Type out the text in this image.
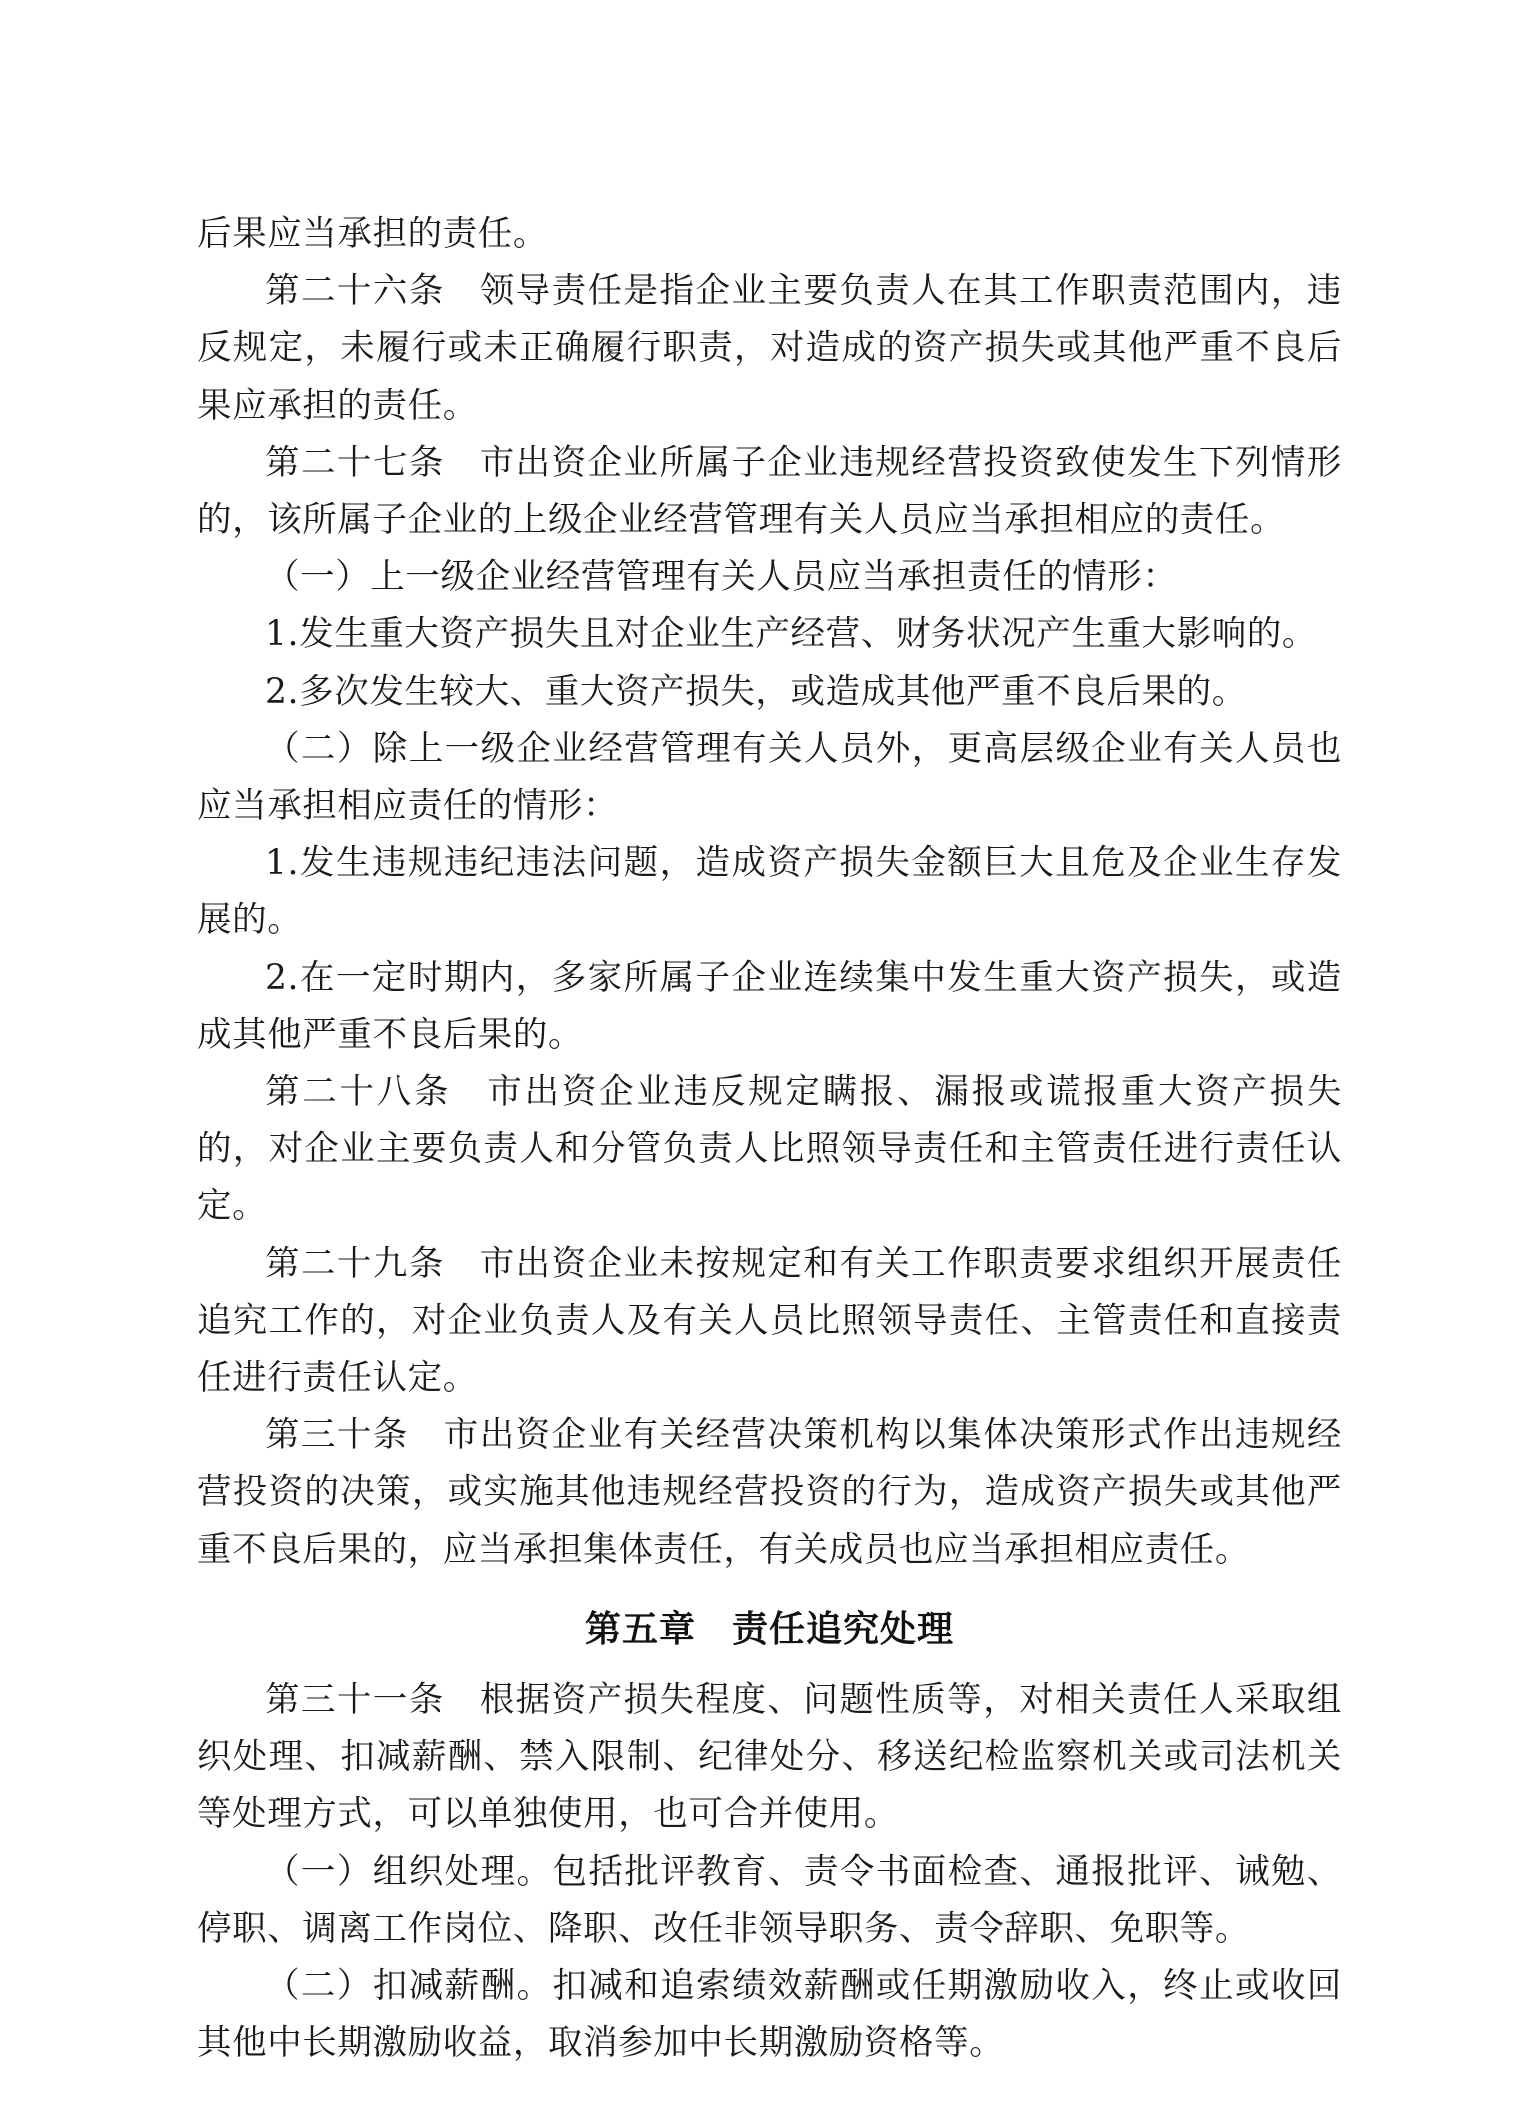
后果应当承担的责任。

第二十六条 领导责任是指企业主要负责人在其工作职责范围内，违反规定，未履行或未正确履行职责，对造成的资产损失或其他严重不良后果应承担的责任。

第二十七条 市出资企业所属子企业违规经营投资致使发生下列情形的，该所属子企业的上级企业经营管理有关人员应当承担相应的责任。

（一）上一级企业经营管理有关人员应当承担责任的情形：

1.发生重大资产损失且对企业生产经营、财务状况产生重大影响的。

2.多次发生较大、重大资产损失，或造成其他严重不良后果的。

（二）除上一级企业经营管理有关人员外，更高层级企业有关人员也应当承担相应责任的情形：

1.发生违规违纪违法问题，造成资产损失金额巨大且危及企业生存发展的。

2.在一定时期内，多家所属子企业连续集中发生重大资产损失，或造成其他严重不良后果的。

第二十八条 市出资企业违反规定瞒报、漏报或谎报重大资产损失的，对企业主要负责人和分管负责人比照领导责任和主管责任进行责任认定。

第二十九条 市出资企业未按规定和有关工作职责要求组织开展责任追究工作的，对企业负责人及有关人员比照领导责任、主管责任和直接责任进行责任认定。

第三十条 市出资企业有关经营决策机构以集体决策形式作出违规经营投资的决策，或实施其他违规经营投资的行为，造成资产损失或其他严重不良后果的，应当承担集体责任，有关成员也应当承担相应责任。

第五章 责任追究处理

第三十一条 根据资产损失程度、问题性质等，对相关责任人采取组织处理、扣减薪酬、禁入限制、纪律处分、移送纪检监察机关或司法机关等处理方式，可以单独使用，也可合并使用。

（一）组织处理。包括批评教育、责令书面检查、通报批评、诫勉、停职、调离工作岗位、降职、改任非领导职务、责令辞职、免职等。

（二）扣减薪酬。扣减和追索绩效薪酬或任期激励收入，终止或收回其他中长期激励收益，取消参加中长期激励资格等。
